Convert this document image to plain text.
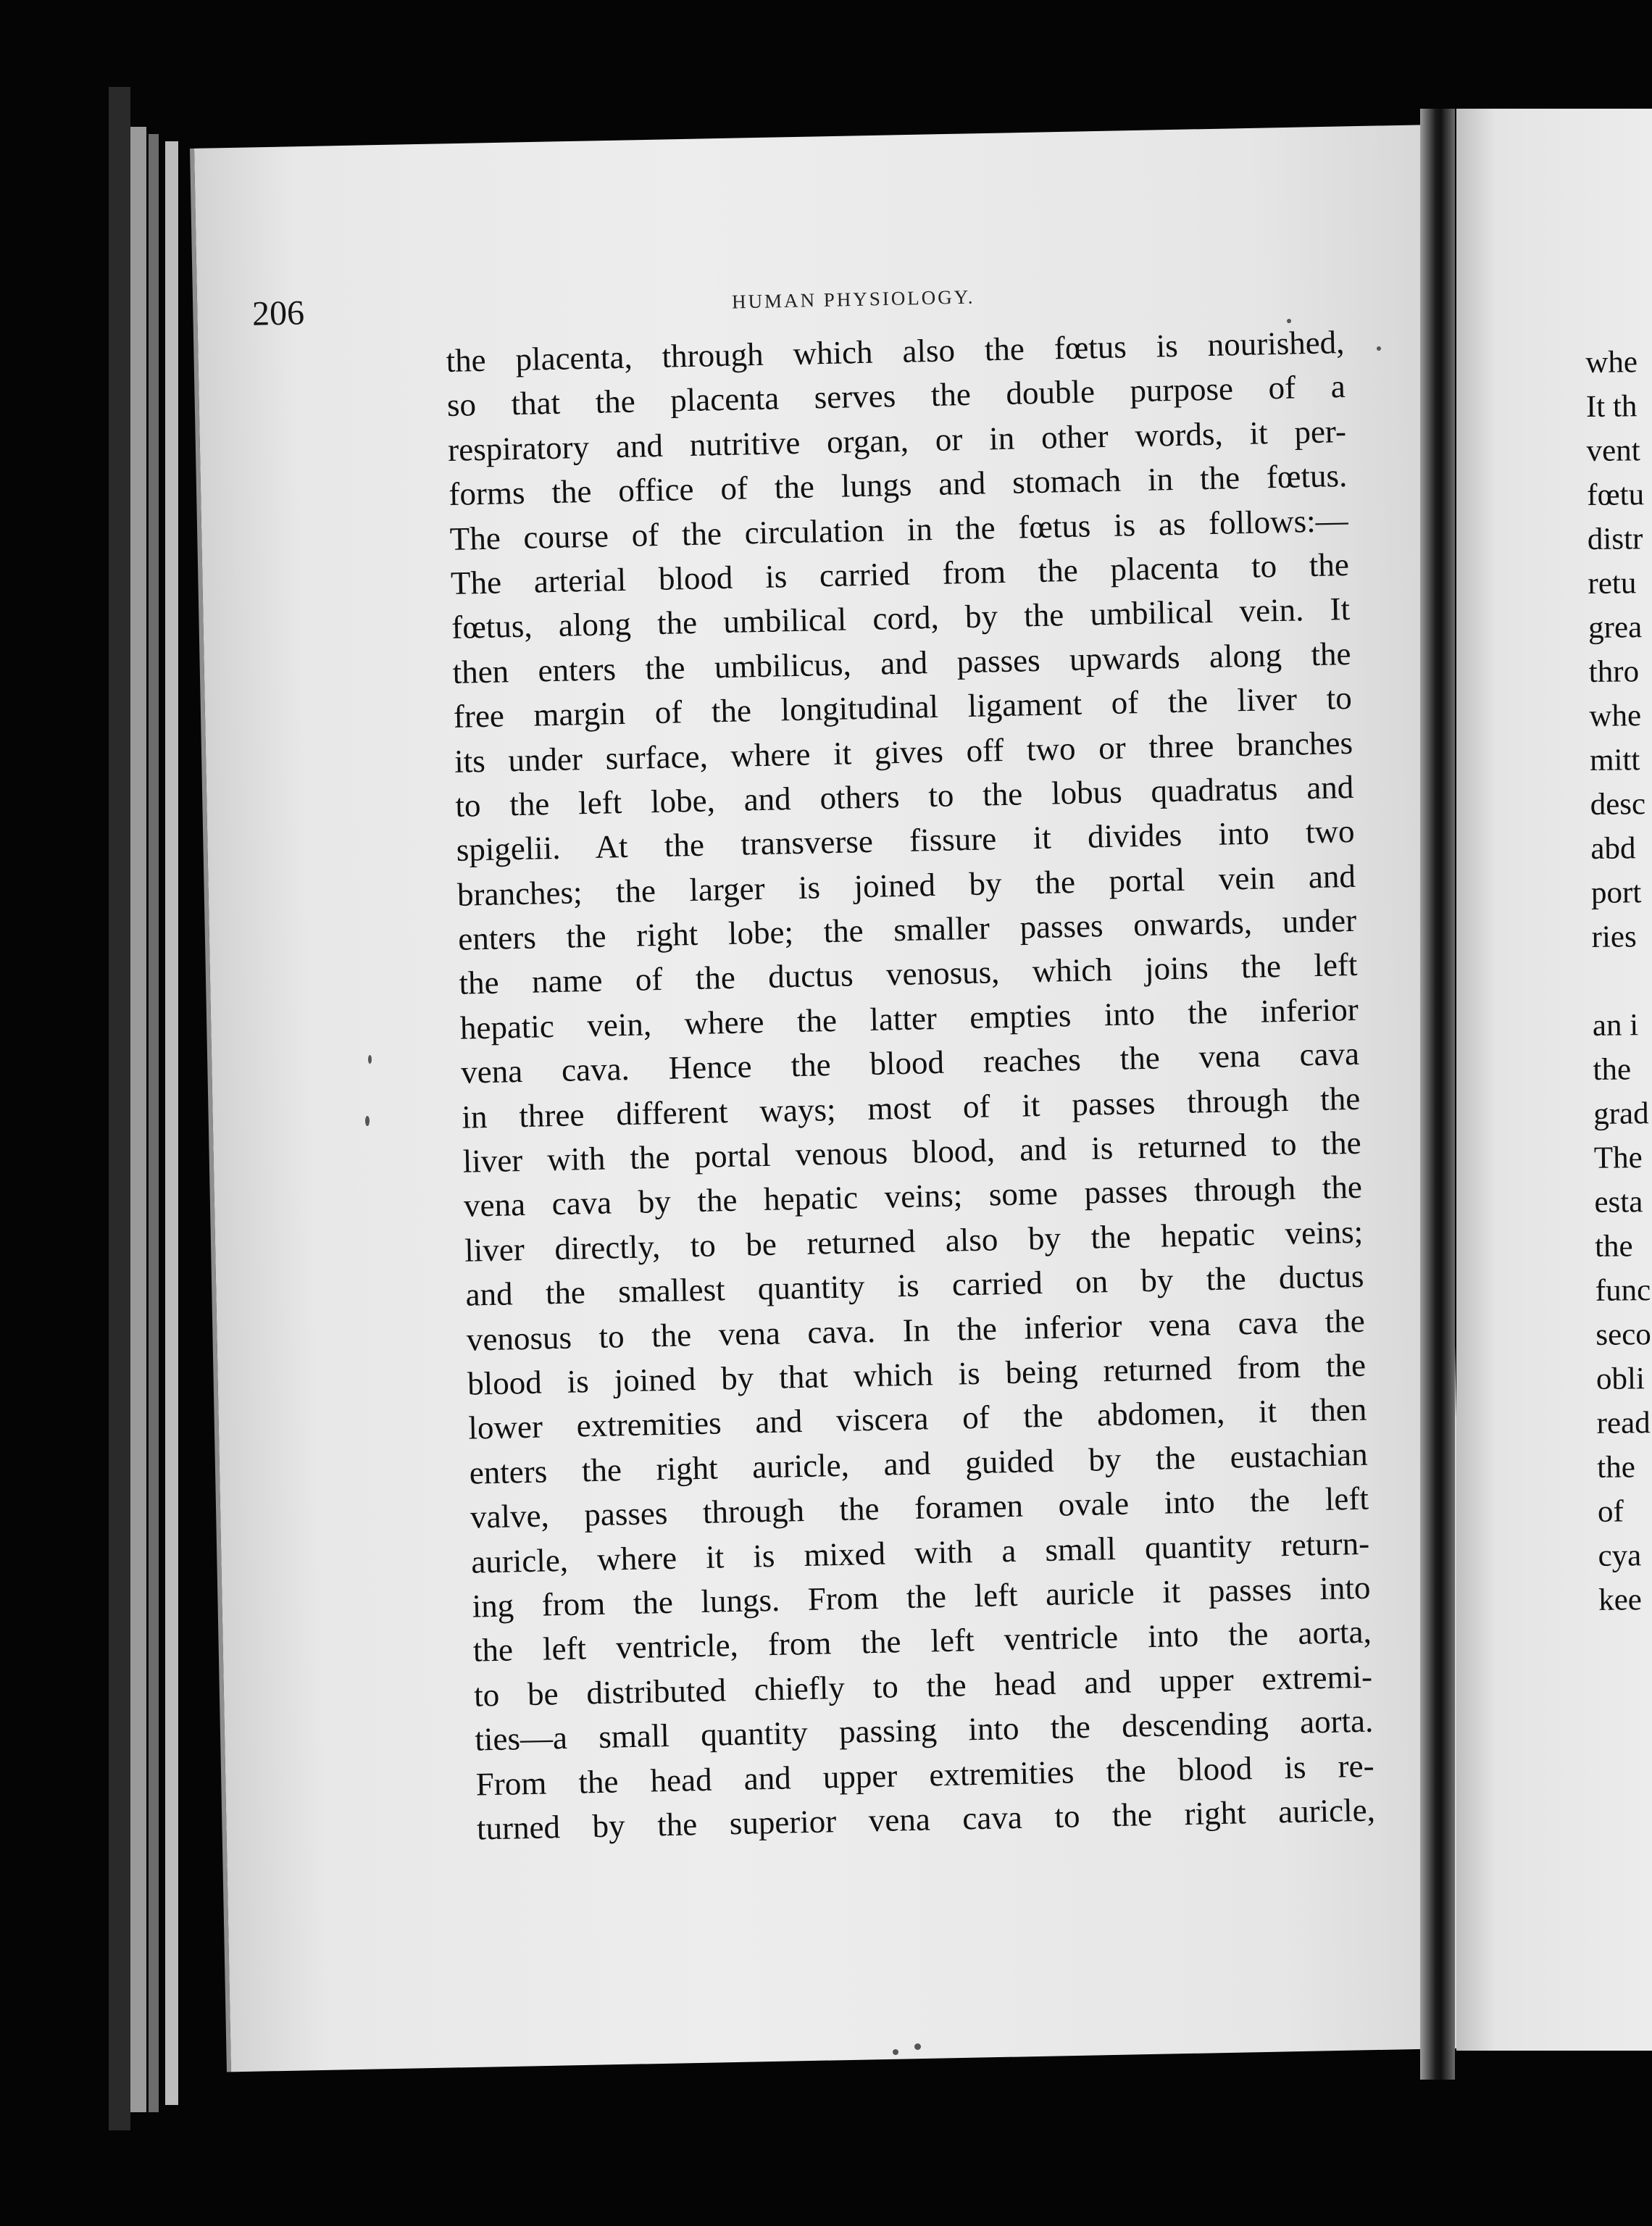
206	HUMAN PHYSIOLOGY.
the placenta, through which also the fœtus is nourished,
so that the placenta serves the double purpose of a
respiratory and nutritive organ, or in other words, it per-
forms the office of the lungs and stomach in the fœtus.
The course of the circulation in the fœtus is as follows:—
The arterial blood is carried from the placenta to the
fœtus, along the umbilical cord, by the umbilical vein. It
then enters the umbilicus, and passes upwards along the
free margin of the longitudinal ligament of the liver to
its under surface, where it gives off two or three branches
to the left lobe, and others to the lobus quadratus and
spigelii. At the transverse fissure it divides into two
branches; the larger is joined by the portal vein and
enters the right lobe; the smaller passes onwards, under
the name of the ductus venosus, which joins the left
hepatic vein, where the latter empties into the inferior
vena cava. Hence the blood reaches the vena cava
in three different ways; most of it passes through the
liver with the portal venous blood, and is returned to the
vena cava by the hepatic veins; some passes through the
liver directly, to be returned also by the hepatic veins;
and the smallest quantity is carried on by the ductus
venosus to the vena cava. In the inferior vena cava the
blood is joined by that which is being returned from the
lower extremities and viscera of the abdomen, it then
enters the right auricle, and guided by the eustachian
valve, passes through the foramen ovale into the left
auricle, where it is mixed with a small quantity return-
ing from the lungs. From the left auricle it passes into
the left ventricle, from the left ventricle into the aorta,
to be distributed chiefly to the head and upper extremi-
ties—a small quantity passing into the descending aorta.
From the head and upper extremities the blood is re-
turned by the superior vena cava to the right auricle,
whe
It th
vent
fœtu
distr
retu
grea
thro
whe
mitt
desc
abd
port
ries
an i
the
grad
The
esta
the
func
seco
obli
read
the
of
cya
kee
